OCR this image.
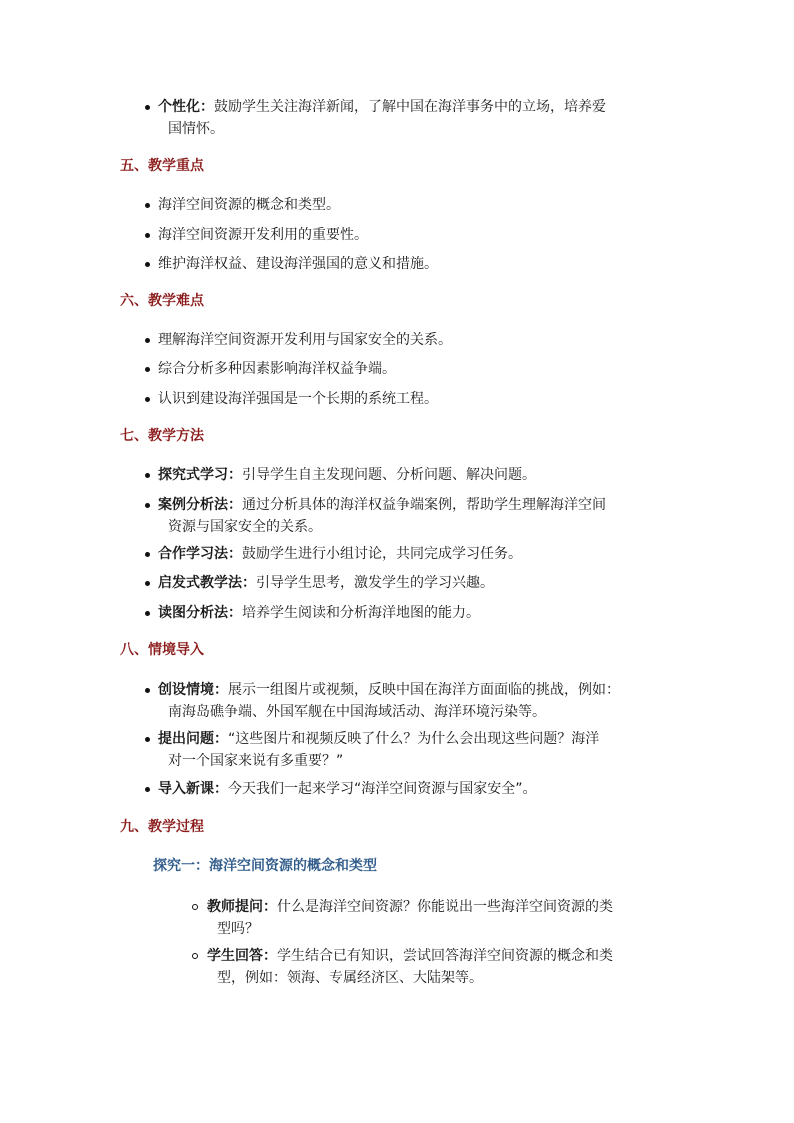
个性化：鼓励学生关注海洋新闻，了解中国在海洋事务中的立场，培养爱
国情怀。
五、教学重点
海洋空间资源的概念和类型。
海洋空间资源开发利用的重要性。
维护海洋权益、建设海洋强国的意义和措施。
六、教学难点
理解海洋空间资源开发利用与国家安全的关系。
综合分析多种因素影响海洋权益争端。
认识到建设海洋强国是一个长期的系统工程。
七、教学方法
探究式学习：引导学生自主发现问题、分析问题、解决问题。
案例分析法：通过分析具体的海洋权益争端案例，帮助学生理解海洋空间
资源与国家安全的关系。
合作学习法：鼓励学生进行小组讨论，共同完成学习任务。
启发式教学法：引导学生思考，激发学生的学习兴趣。
读图分析法：培养学生阅读和分析海洋地图的能力。
八、情境导入
创设情境：展示一组图片或视频，反映中国在海洋方面面临的挑战，例如：
南海岛礁争端、外国军舰在中国海域活动、海洋环境污染等。
提出问题：“这些图片和视频反映了什么？为什么会出现这些问题？海洋
对一个国家来说有多重要？”
导入新课：今天我们一起来学习“海洋空间资源与国家安全”。
九、教学过程
探究一：海洋空间资源的概念和类型
教师提问：什么是海洋空间资源？你能说出一些海洋空间资源的类
型吗？
学生回答：学生结合已有知识，尝试回答海洋空间资源的概念和类
型，例如：领海、专属经济区、大陆架等。
